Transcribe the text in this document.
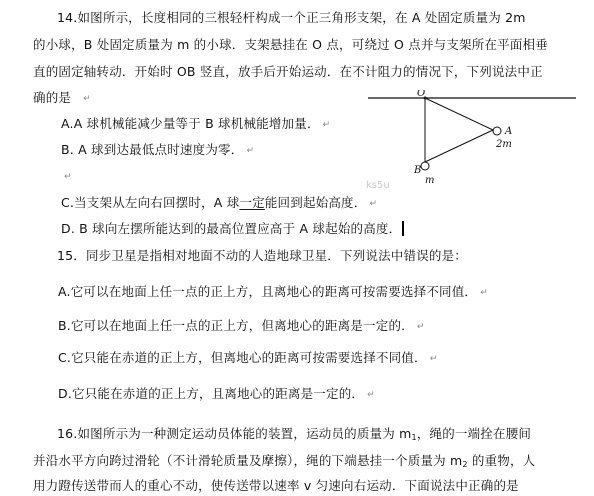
14.如图所示，长度相同的三根轻杆构成一个正三角形支架，在 A 处固定质量为 2m
的小球，B 处固定质量为 m 的小球．支架悬挂在 O 点，可绕过 O 点并与支架所在平面相垂
直的固定轴转动．开始时 OB 竖直，放手后开始运动．在不计阻力的情况下，下列说法中正
确的是 ↵
A.A 球机械能减少量等于 B 球机械能增加量． ↵
B. A 球到达最低点时速度为零． ↵
↵
C.当支架从左向右回摆时，A 球一定能回到起始高度． ↵
D. B 球向左摆所能达到的最高位置应高于 A 球起始的高度．
O
A
2m
B
m
ks5u
15．同步卫星是指相对地面不动的人造地球卫星．下列说法中错误的是：
A.它可以在地面上任一点的正上方，且离地心的距离可按需要选择不同值． ↵
B.它可以在地面上任一点的正上方，但离地心的距离是一定的． ↵
C.它只能在赤道的正上方，但离地心的距离可按需要选择不同值． ↵
D.它只能在赤道的正上方，且离地心的距离是一定的． ↵
16.如图所示为一种测定运动员体能的装置，运动员的质量为 $m_1$，绳的一端拴在腰间
并沿水平方向跨过滑轮（不计滑轮质量及摩擦），绳的下端悬挂一个质量为 $m_2$ 的重物，人
用力蹬传送带而人的重心不动，使传送带以速率 v 匀速向右运动．下面说法中正确的是
